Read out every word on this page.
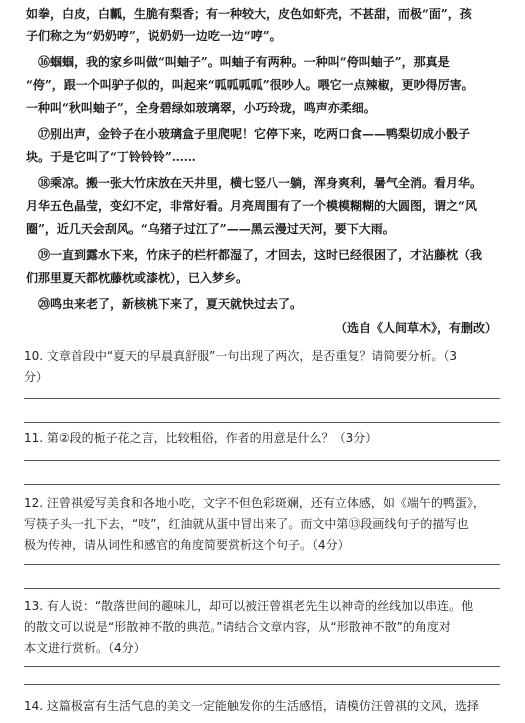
如拳，白皮，白瓤，生脆有梨香；有一种较大，皮色如虾壳，不甚甜，而极“面”，孩
子们称之为“奶奶哼”，说奶奶一边吃一边“哼”。
⑯蝈蝈，我的家乡叫做“叫蚰子”。叫蚰子有两种。一种叫“侉叫蚰子”，那真是
“侉”，跟一个叫驴子似的，叫起来“呱呱呱呱”很吵人。喂它一点辣椒，更吵得厉害。
一种叫“秋叫蚰子”，全身碧绿如玻璃翠，小巧玲珑，鸣声亦柔细。
⑰别出声，金铃子在小玻璃盒子里爬呢！它停下来，吃两口食——鸭梨切成小骰子
块。于是它叫了“丁铃铃铃”……
⑱乘凉。搬一张大竹床放在天井里，横七竖八一躺，浑身爽利，暑气全消。看月华。
月华五色晶莹，变幻不定，非常好看。月亮周围有了一个模模糊糊的大圆图，谓之“风
圈”，近几天会刮风。“乌猪子过江了”——黑云漫过天河，要下大雨。
⑲一直到露水下来，竹床子的栏杆都湿了，才回去，这时已经很困了，才沾藤枕（我
们那里夏天都枕藤枕或漆枕），已入梦乡。
⑳鸣虫来老了，新核桃下来了，夏天就快过去了。
（选自《人间草木》，有删改）
10. 文章首段中“夏天的早晨真舒服”一句出现了两次，是否重复？请简要分析。（3
分）
11. 第②段的栀子花之言，比较粗俗，作者的用意是什么？（3分）
12. 汪曾祺爱写美食和各地小吃，文字不但色彩斑斓，还有立体感，如《端午的鸭蛋》，
写筷子头一扎下去，“吱”，红油就从蛋中冒出来了。而文中第⑬段画线句子的描写也
极为传神，请从词性和感官的角度简要赏析这个句子。（4分）
13. 有人说：“散落世间的趣味儿，却可以被汪曾祺老先生以神奇的丝线加以串连。他
的散文可以说是“形散神不散的典范。”请结合文章内容，从“形散神不散”的角度对
本文进行赏析。（4分）
14. 这篇极富有生活气息的美文一定能触发你的生活感悟，请模仿汪曾祺的文风，选择
